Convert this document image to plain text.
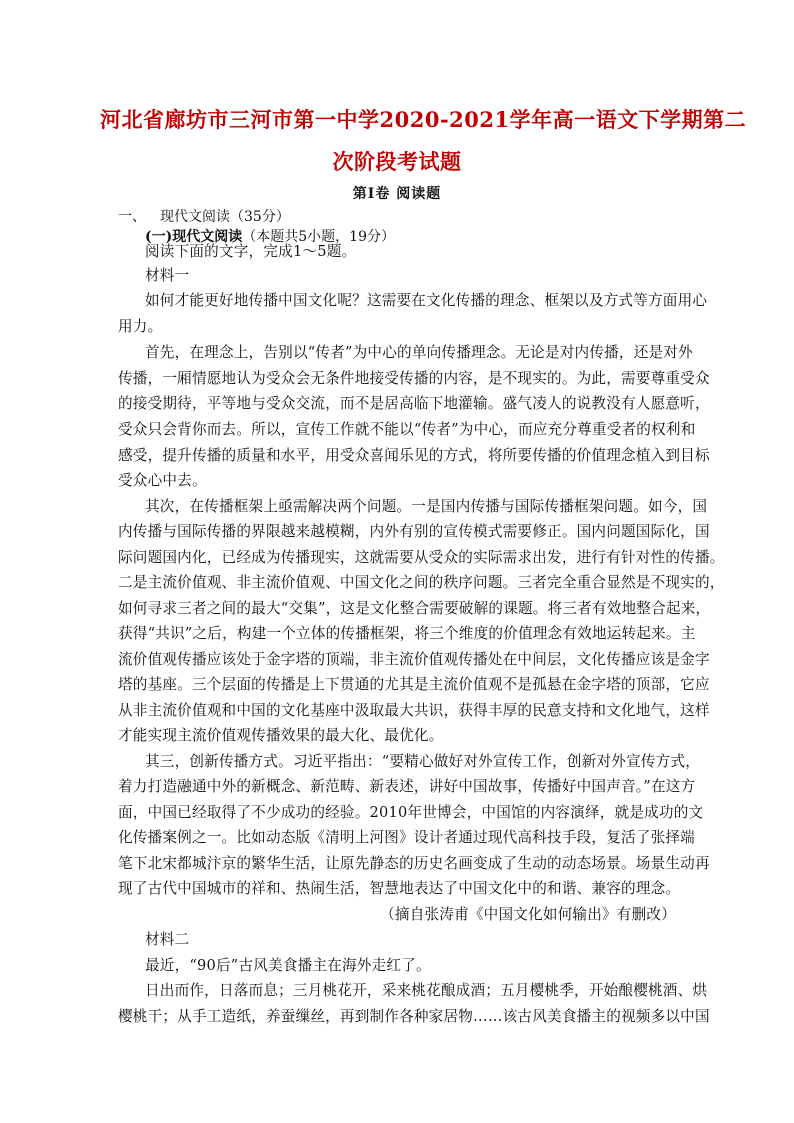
河北省廊坊市三河市第一中学2020-2021学年高一语文下学期第二
次阶段考试题
第Ⅰ卷 阅读题
一、 现代文阅读（35分）
(一)现代文阅读（本题共5小题，19分）
阅读下面的文字，完成1～5题。
材料一
如何才能更好地传播中国文化呢？这需要在文化传播的理念、框架以及方式等方面用心
用力。
首先，在理念上，告别以“传者”为中心的单向传播理念。无论是对内传播，还是对外
传播，一厢情愿地认为受众会无条件地接受传播的内容，是不现实的。为此，需要尊重受众
的接受期待，平等地与受众交流，而不是居高临下地灌输。盛气凌人的说教没有人愿意听，
受众只会背你而去。所以，宣传工作就不能以“传者”为中心，而应充分尊重受者的权利和
感受，提升传播的质量和水平，用受众喜闻乐见的方式，将所要传播的价值理念植入到目标
受众心中去。
其次，在传播框架上亟需解决两个问题。一是国内传播与国际传播框架问题。如今，国
内传播与国际传播的界限越来越模糊，内外有别的宣传模式需要修正。国内问题国际化，国
际问题国内化，已经成为传播现实，这就需要从受众的实际需求出发，进行有针对性的传播。
二是主流价值观、非主流价值观、中国文化之间的秩序问题。三者完全重合显然是不现实的，
如何寻求三者之间的最大“交集”，这是文化整合需要破解的课题。将三者有效地整合起来，
获得“共识”之后，构建一个立体的传播框架，将三个维度的价值理念有效地运转起来。主
流价值观传播应该处于金字塔的顶端，非主流价值观传播处在中间层，文化传播应该是金字
塔的基座。三个层面的传播是上下贯通的尤其是主流价值观不是孤悬在金字塔的顶部，它应
从非主流价值观和中国的文化基座中汲取最大共识，获得丰厚的民意支持和文化地气，这样
才能实现主流价值观传播效果的最大化、最优化。
其三，创新传播方式。习近平指出：“要精心做好对外宣传工作，创新对外宣传方式，
着力打造融通中外的新概念、新范畴、新表述，讲好中国故事，传播好中国声音。”在这方
面，中国已经取得了不少成功的经验。2010年世博会，中国馆的内容演绎，就是成功的文
化传播案例之一。比如动态版《清明上河图》设计者通过现代高科技手段，复活了张择端
笔下北宋都城汴京的繁华生活，让原先静态的历史名画变成了生动的动态场景。场景生动再
现了古代中国城市的祥和、热闹生活，智慧地表达了中国文化中的和谐、兼容的理念。
（摘自张涛甫《中国文化如何输出》有删改）
材料二
最近，“90后”古风美食播主在海外走红了。
日出而作，日落而息；三月桃花开，采来桃花酿成酒；五月樱桃季，开始酿樱桃酒、烘
樱桃干；从手工造纸，养蚕缫丝，再到制作各种家居物……该古风美食播主的视频多以中国
